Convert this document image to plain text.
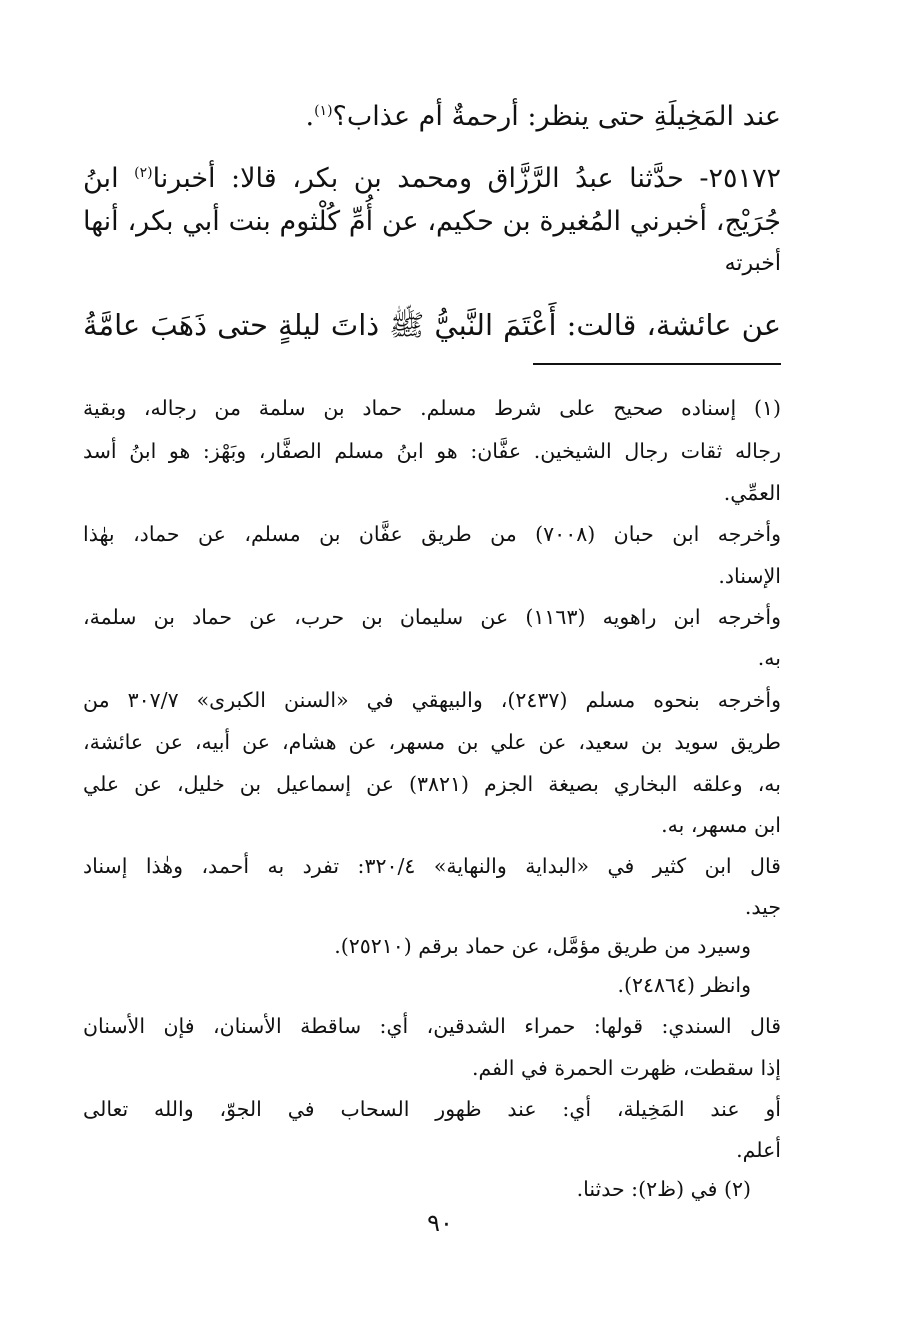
عند المَخِيلَةِ حتى ينظر: أرحمةٌ أم عذاب؟$^{(١)}$.

٢٥١٧٢- حدَّثنا عبدُ الرَّزَّاق ومحمد بن بكر، قالا: أخبرنا$^{(٢)}$ ابنُ

جُرَيْج، أخبرني المُغيرة بن حكيم، عن أُمِّ كُلْثوم بنت أبي بكر، أنها

أخبرته

عن عائشة، قالت: أَعْتَمَ النَّبيُّ ﷺ ذاتَ ليلةٍ حتى ذَهَبَ عامَّةُ

(١) إسناده صحيح على شرط مسلم. حماد بن سلمة من رجاله، وبقية

رجاله ثقات رجال الشيخين. عفَّان: هو ابنُ مسلم الصفَّار، وبَهْز: هو ابنُ أسد

العمِّي.

وأخرجه ابن حبان (٧٠٠٨) من طريق عفَّان بن مسلم، عن حماد، بهٰذا

الإسناد.

وأخرجه ابن راهويه (١١٦٣) عن سليمان بن حرب، عن حماد بن سلمة،

به.

وأخرجه بنحوه مسلم (٢٤٣٧)، والبيهقي في «السنن الكبرى» ٣٠٧/٧ من

طريق سويد بن سعيد، عن علي بن مسهر، عن هشام، عن أبيه، عن عائشة،

به، وعلقه البخاري بصيغة الجزم (٣٨٢١) عن إسماعيل بن خليل، عن علي

ابن مسهر، به.

قال ابن كثير في «البداية والنهاية» ٣٢٠/٤: تفرد به أحمد، وهٰذا إسناد

جيد.

وسيرد من طريق مؤمَّل، عن حماد برقم (٢٥٢١٠).

وانظر (٢٤٨٦٤).

قال السندي: قولها: حمراء الشدقين، أي: ساقطة الأسنان، فإن الأسنان

إذا سقطت، ظهرت الحمرة في الفم.

أو عند المَخِيلة، أي: عند ظهور السحاب في الجوّ، والله تعالى

أعلم.

(٢) في (ظ٢): حدثنا.

٩٠
